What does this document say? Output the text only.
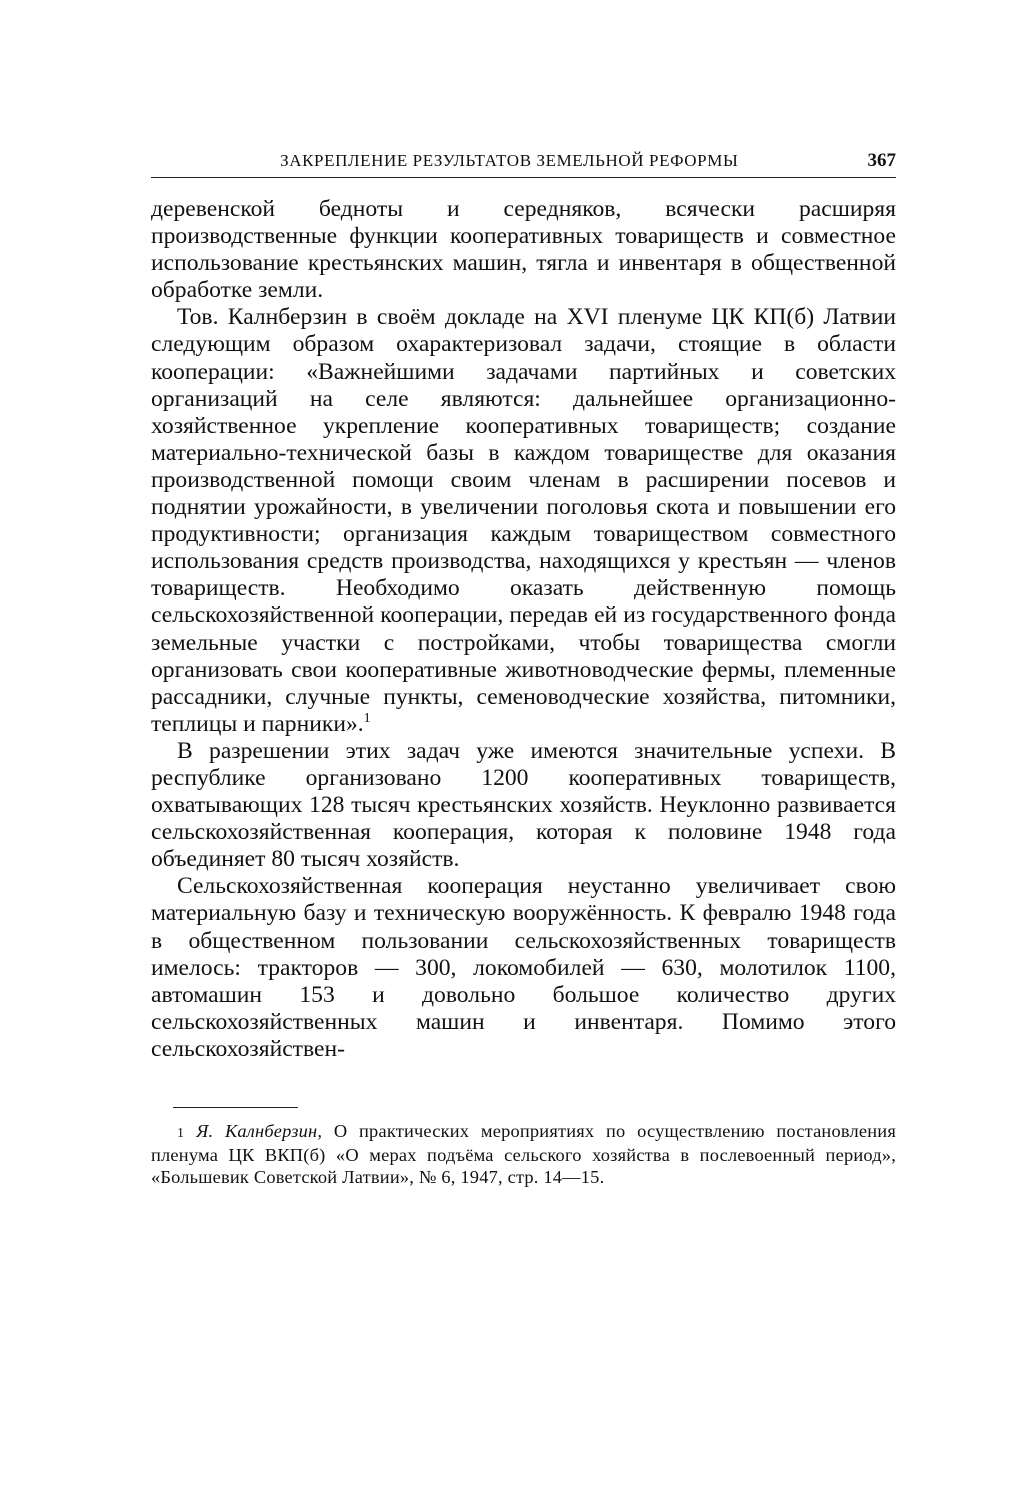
ЗАКРЕПЛЕНИЕ РЕЗУЛЬТАТОВ ЗЕМЕЛЬНОЙ РЕФОРМЫ	367

деревенской бедноты и середняков, всячески расширяя производственные функции кооперативных товариществ и совместное использование крестьянских машин, тягла и инвентаря в общественной обработке земли.

Тов. Калнберзин в своём докладе на XVI пленуме ЦК КП(б) Латвии следующим образом охарактеризовал задачи, стоящие в области кооперации: «Важнейшими задачами партийных и советских организаций на селе являются: дальнейшее организационно-хозяйственное укрепление кооперативных товариществ; создание материально-технической базы в каждом товариществе для оказания производственной помощи своим членам в расширении посевов и поднятии урожайности, в увеличении поголовья скота и повышении его продуктивности; организация каждым товариществом совместного использования средств производства, находящихся у крестьян — членов товариществ. Необходимо оказать действенную помощь сельскохозяйственной кооперации, передав ей из государственного фонда земельные участки с постройками, чтобы товарищества смогли организовать свои кооперативные животноводческие фермы, племенные рассадники, случные пункты, семеноводческие хозяйства, питомники, теплицы и парники».$^1$

В разрешении этих задач уже имеются значительные успехи. В республике организовано 1200 кооперативных товариществ, охватывающих 128 тысяч крестьянских хозяйств. Неуклонно развивается сельскохозяйственная кооперация, которая к половине 1948 года объединяет 80 тысяч хозяйств.

Сельскохозяйственная кооперация неустанно увеличивает свою материальную базу и техническую вооружённость. К февралю 1948 года в общественном пользовании сельскохозяйственных товариществ имелось: тракторов — 300, локомобилей — 630, молотилок 1100, автомашин 153 и довольно большое количество других сельскохозяйственных машин и инвентаря. Помимо этого сельскохозяйствен-

1 Я. Калнберзин, О практических мероприятиях по осуществлению постановления пленума ЦК ВКП(б) «О мерах подъёма сельского хозяйства в послевоенный период», «Большевик Советской Латвии», № 6, 1947, стр. 14—15.
